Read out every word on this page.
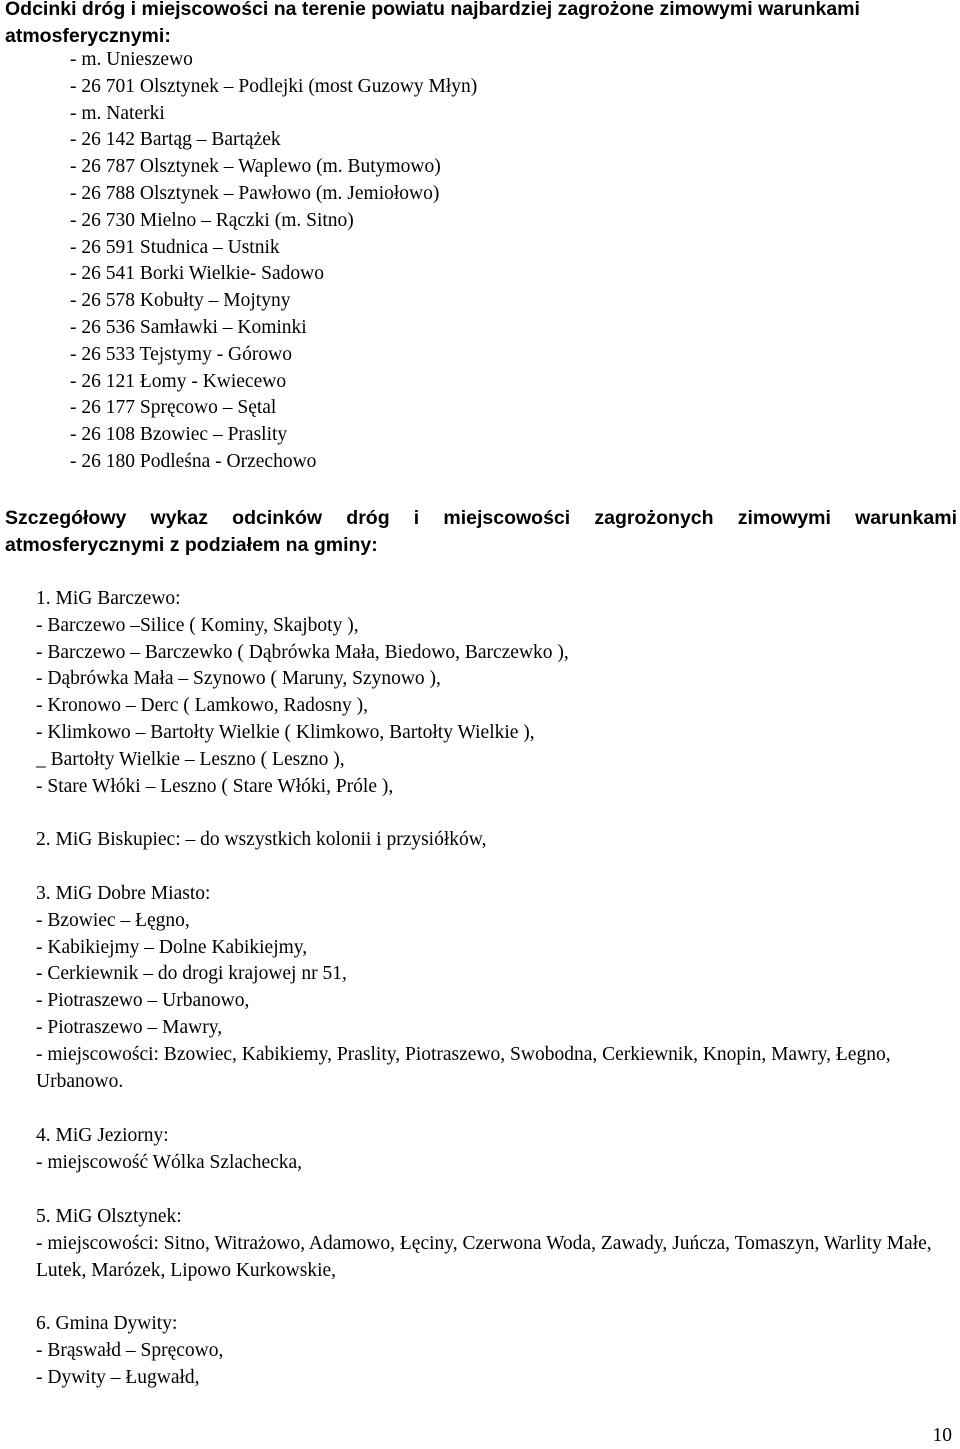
Odcinki dróg i miejscowości na terenie powiatu najbardziej zagrożone zimowymi warunkami atmosferycznymi:
- m. Unieszewo
- 26 701 Olsztynek – Podlejki (most Guzowy Młyn)
- m. Naterki
- 26 142 Bartąg – Bartążek
- 26 787 Olsztynek – Waplewo (m. Butymowo)
- 26 788 Olsztynek – Pawłowo (m. Jemiołowo)
- 26 730 Mielno – Rączki (m. Sitno)
- 26 591 Studnica – Ustnik
- 26 541 Borki Wielkie- Sadowo
- 26 578 Kobułty – Mojtyny
- 26 536 Samławki – Kominki
- 26 533 Tejstymy - Górowo
- 26 121 Łomy - Kwiecewo
- 26 177 Spręcowo – Sętal
- 26 108 Bzowiec – Praslity
- 26 180 Podleśna - Orzechowo
Szczegółowy wykaz odcinków dróg i miejscowości zagrożonych zimowymi warunkami atmosferycznymi z podziałem na gminy:
1. MiG Barczewo:
- Barczewo –Silice ( Kominy, Skajboty ),
- Barczewo – Barczewko ( Dąbrówka Mała, Biedowo, Barczewko ),
- Dąbrówka Mała – Szynowo ( Maruny, Szynowo ),
- Kronowo – Derc ( Lamkowo, Radosny ),
- Klimkowo – Bartołty Wielkie ( Klimkowo, Bartołty Wielkie ),
_ Bartołty Wielkie – Leszno ( Leszno ),
- Stare Włóki – Leszno ( Stare Włóki, Próle ),
2. MiG Biskupiec: – do wszystkich kolonii i przysiółków,
3. MiG Dobre Miasto:
- Bzowiec – Łęgno,
- Kabikiejmy – Dolne Kabikiejmy,
- Cerkiewnik – do drogi krajowej nr 51,
- Piotraszewo – Urbanowo,
- Piotraszewo – Mawry,
- miejscowości: Bzowiec, Kabikiemy, Praslity, Piotraszewo, Swobodna, Cerkiewnik, Knopin, Mawry, Łegno, Urbanowo.
4. MiG Jeziorny:
- miejscowość Wólka Szlachecka,
5. MiG Olsztynek:
- miejscowości: Sitno, Witrażowo, Adamowo, Łęciny, Czerwona Woda, Zawady, Juńcza, Tomaszyn, Warlity Małe, Lutek, Marózek, Lipowo Kurkowskie,
6. Gmina Dywity:
- Brąswałd – Spręcowo,
- Dywity – Ługwałd,
10
